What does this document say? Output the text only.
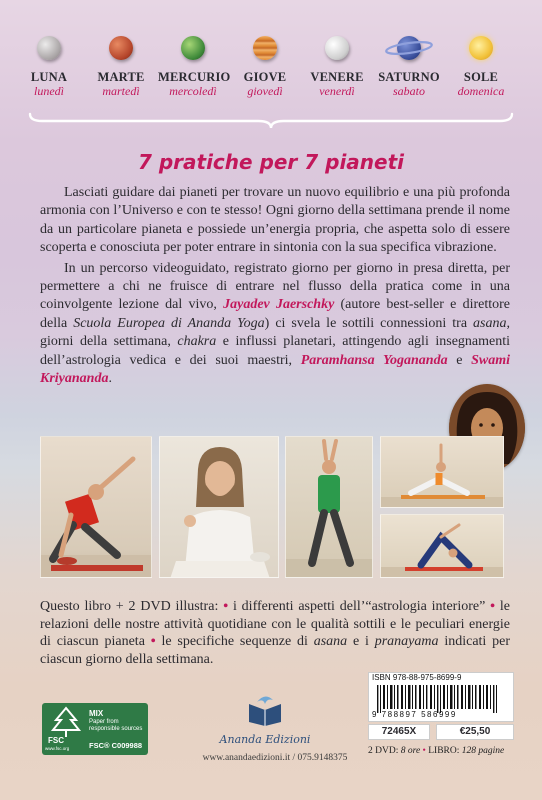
LUNA
lunedì
MARTE
martedì
MERCURIO
mercoledì
GIOVE
giovedì
VENERE
venerdì
SATURNO
sabato
SOLE
domenica
7 pratiche per 7 pianeti

Lasciati guidare dai pianeti per trovare un nuovo equilibrio e una più profonda armonia con l’Universo e con te stesso! Ogni giorno della settimana prende il nome da un particolare pianeta e possiede un’energia propria, che aspetta solo di essere scoperta e conosciuta per poter entrare in sintonia con la sua specifica vibrazione.

In un percorso videoguidato, registrato giorno per giorno in presa diretta, per permettere a chi ne fruisce di entrare nel flusso della pratica come in una coinvolgente lezione dal vivo, Jayadev Jaerschky (autore best-seller e direttore della Scuola Europea di Ananda Yoga) ci svela le sottili connessioni tra asana, giorni della settimana, chakra e influssi planetari, attingendo agli insegnamenti dell’astrologia vedica e dei suoi maestri, Paramhansa Yogananda e Swami Kriyananda.

Questo libro + 2 DVD illustra: • i differenti aspetti dell’“astrologia interiore” • le relazioni delle nostre attività quotidiane con le qualità sottili e le peculiari energie di ciascun pianeta • le specifiche sequenze di asana e i pranayama indicati per ciascun giorno della settimana.
FSC
www.fsc.org
MIX
Paper from responsible sources
FSC® C009988	Ananda Edizioni
www.anandaedizioni.it / 075.9148375
ISBN 978-88-975-8699-9
9 788897 586999
72465X	€25,50
2 DVD: 8 ore • LIBRO: 128 pagine
